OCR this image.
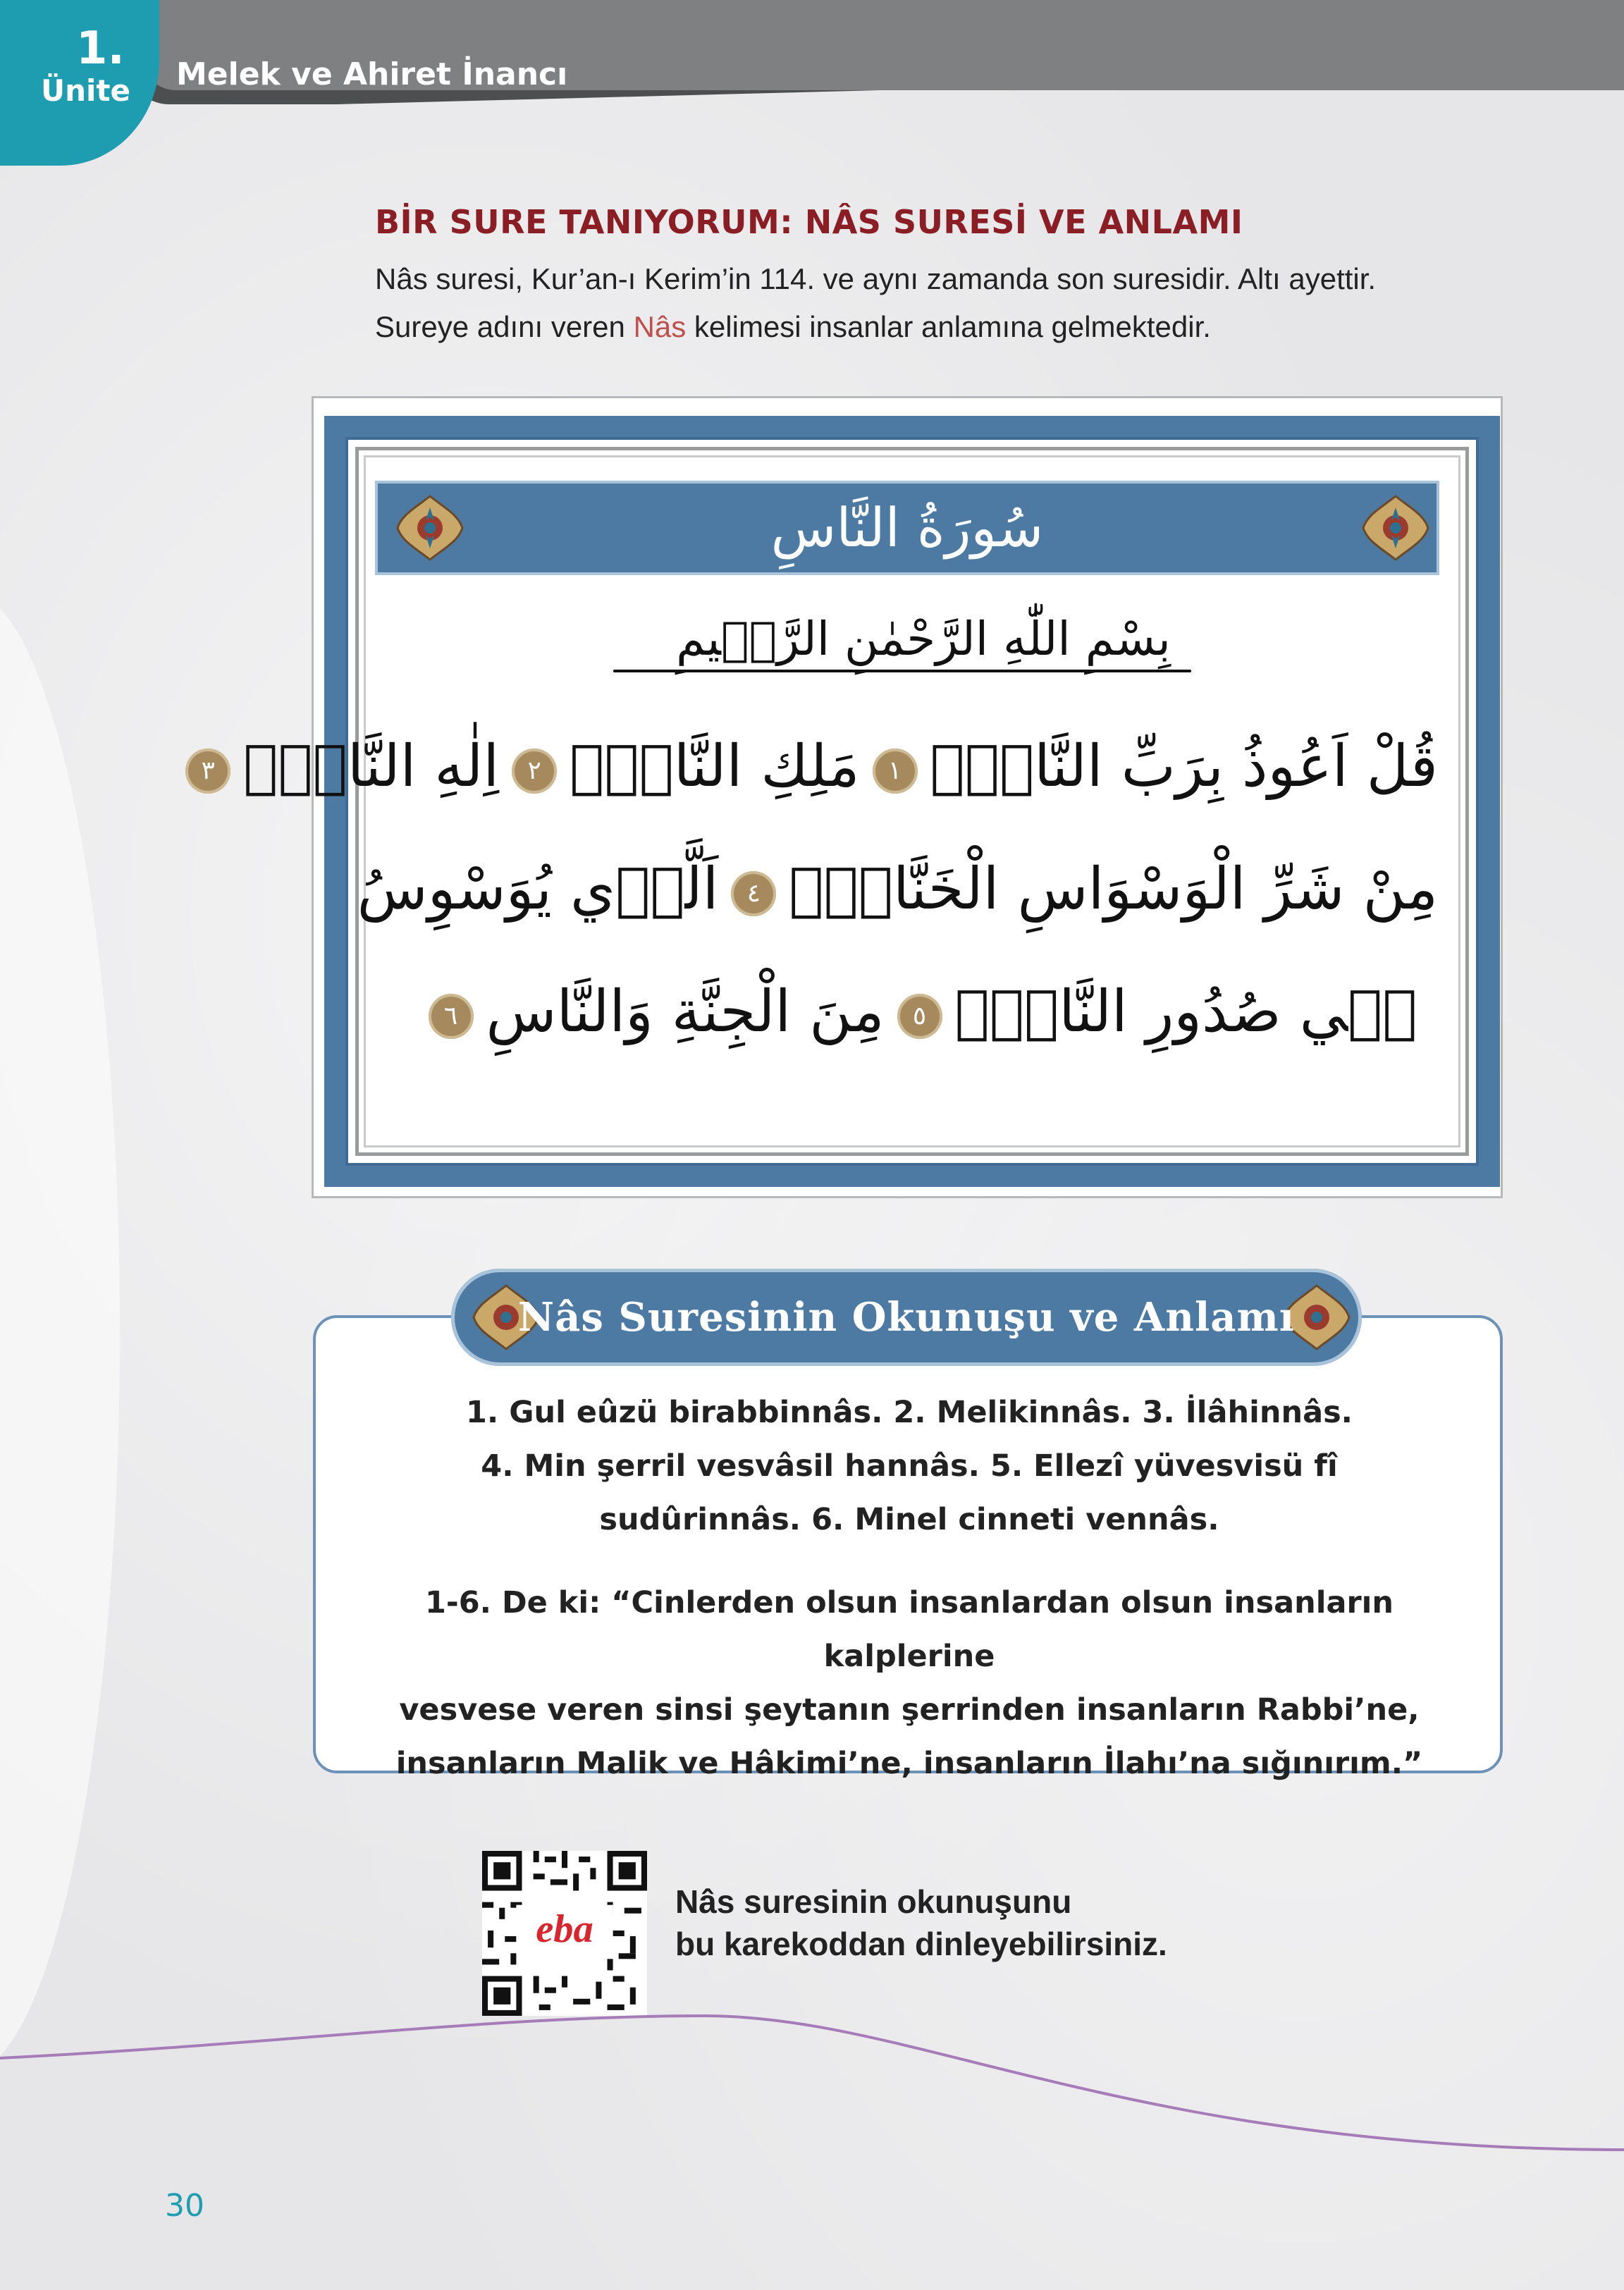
1.
Ünite Melek ve Ahiret İnancı
BİR SURE TANIYORUM: NÂS SURESİ VE ANLAMI
Nâs suresi, Kur’an-ı Kerim’in 114. ve aynı zamanda son suresidir. Altı ayettir.
Sureye adını veren Nâs kelimesi insanlar anlamına gelmektedir.
سُورَةُ النَّاسِ
بِسْمِ اللّٰهِ الرَّحْمٰنِ الرَّح۪يمِ
قُلْ اَعُوذُ بِرَبِّ النَّاسِۙ١مَلِكِ النَّاسِۙ٢اِلٰهِ النَّاسِۙ٣
مِنْ شَرِّ الْوَسْوَاسِ الْخَنَّاسِۙ٤اَلَّذ۪ي يُوَسْوِسُ
ف۪ي صُدُورِ النَّاسِۙ٥مِنَ الْجِنَّةِ وَالنَّاسِ٦
Nâs Suresinin Okunuşu ve Anlamı
1. Gul eûzü birabbinnâs. 2. Melikinnâs. 3. İlâhinnâs.
4. Min şerril vesvâsil hannâs. 5. Ellezî yüvesvisü fî
sudûrinnâs. 6. Minel cinneti vennâs.
1-6. De ki: “Cinlerden olsun insanlardan olsun insanların kalplerine
vesvese veren sinsi şeytanın şerrinden insanların Rabbi’ne,
insanların Malik ve Hâkimi’ne, insanların İlahı’na sığınırım.”
eba
Nâs suresinin okunuşunu
bu karekoddan dinleyebilirsiniz.
30
